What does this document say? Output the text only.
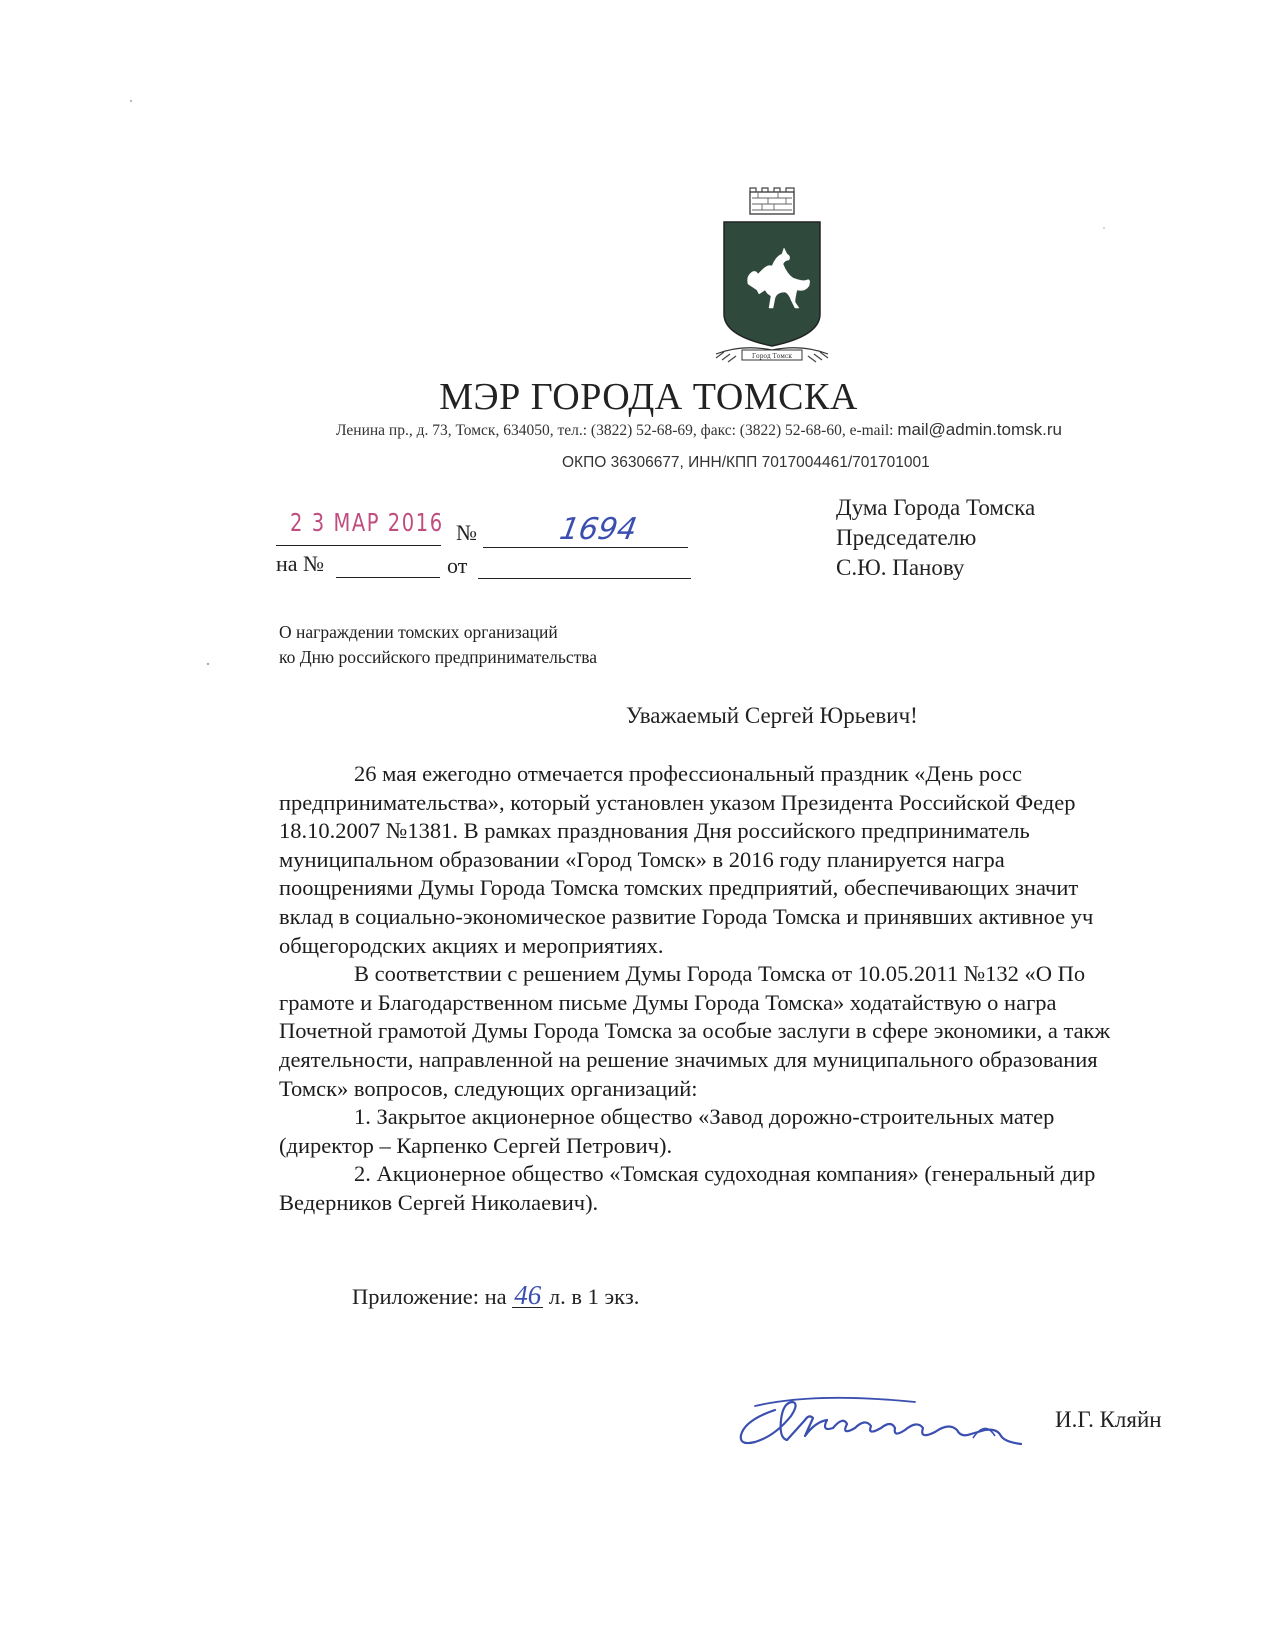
Город Томск
МЭР ГОРОДА ТОМСКА
Ленина пр., д. 73, Томск, 634050, тел.: (3822) 52-68-69, факс: (3822) 52-68-60, e-mail: mail@admin.tomsk.ru
ОКПО 36306677, ИНН/КПП 7017004461/701701001
2 3 МАР 2016 №	1694
на №	от
Дума Города Томска
Председателю
С.Ю. Панову
О награждении томских организаций
ко Дню российского предпринимательства
Уважаемый Сергей Юрьевич!
26 мая ежегодно отмечается профессиональный праздник «День росс
предпринимательства», который установлен указом Президента Российской Федер
18.10.2007 №1381. В рамках празднования Дня российского предприниматель
муниципальном образовании «Город Томск» в 2016 году планируется награ
поощрениями Думы Города Томска томских предприятий, обеспечивающих значит
вклад в социально-экономическое развитие Города Томска и принявших активное уч
общегородских акциях и мероприятиях.
В соответствии с решением Думы Города Томска от 10.05.2011 №132 «О По
грамоте и Благодарственном письме Думы Города Томска» ходатайствую о награ
Почетной грамотой Думы Города Томска за особые заслуги в сфере экономики, а такж
деятельности, направленной на решение значимых для муниципального образования
Томск» вопросов, следующих организаций:
1. Закрытое акционерное общество «Завод дорожно-строительных матер
(директор – Карпенко Сергей Петрович).
2. Акционерное общество «Томская судоходная компания» (генеральный дир
Ведерников Сергей Николаевич).
Приложение: на 46 л. в 1 экз.
И.Г. Кляйн
